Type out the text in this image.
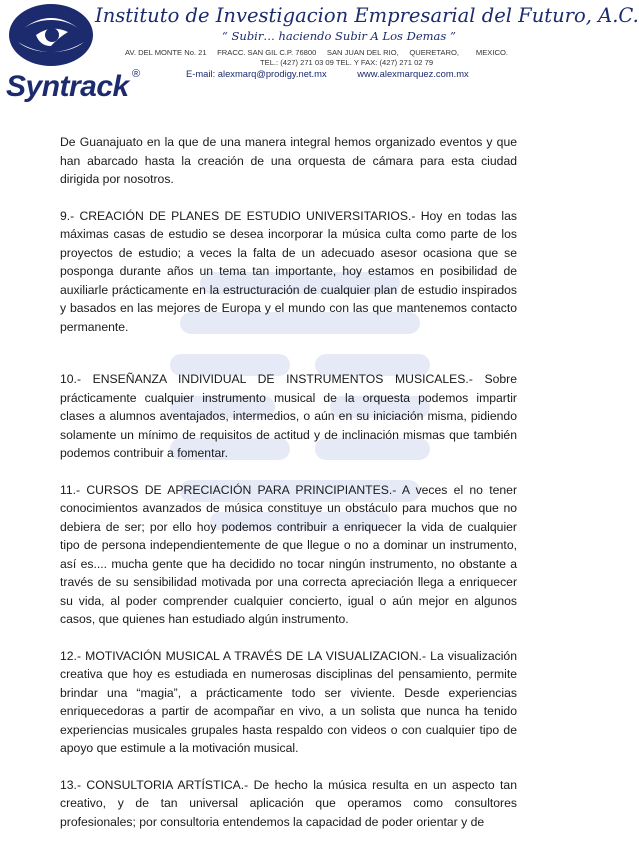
Syntrack ®
Instituto de Investigacion Empresarial del Futuro, A.C.
“ Subir… haciendo Subir A Los Demas ”
AV. DEL MONTE No. 21 FRACC. SAN GIL C.P. 76800 SAN JUAN DEL RIO, QUERETARO, MEXICO.
TEL.: (427) 271 03 09 TEL. Y FAX: (427) 271 02 79
E-mail: alexmarq@prodigy.net.mx	www.alexmarquez.com.mx

De Guanajuato en la que de una manera integral hemos organizado eventos y que han abarcado hasta la creación de una orquesta de cámara para esta ciudad dirigida por nosotros.

9.- CREACIÓN DE PLANES DE ESTUDIO UNIVERSITARIOS.- Hoy en todas las máximas casas de estudio se desea incorporar la música culta como parte de los proyectos de estudio; a veces la falta de un adecuado asesor ocasiona que se posponga durante años un tema tan importante, hoy estamos en posibilidad de auxiliarle prácticamente en la estructuración de cualquier plan de estudio inspirados y basados en las mejores de Europa y el mundo con las que mantenemos contacto permanente.

10.- ENSEÑANZA INDIVIDUAL DE INSTRUMENTOS MUSICALES.- Sobre prácticamente cualquier instrumento musical de la orquesta podemos impartir clases a alumnos aventajados, intermedios, o aún en su iniciación misma, pidiendo solamente un mínimo de requisitos de actitud y de inclinación mismas que también podemos contribuir a fomentar.

11.- CURSOS DE APRECIACIÓN PARA PRINCIPIANTES.- A veces el no tener conocimientos avanzados de música constituye un obstáculo para muchos que no debiera de ser; por ello hoy podemos contribuir a enriquecer la vida de cualquier tipo de persona independientemente de que llegue o no a dominar un instrumento, así es.... mucha gente que ha decidido no tocar ningún instrumento, no obstante a través de su sensibilidad motivada por una correcta apreciación llega a enriquecer su vida, al poder comprender cualquier concierto, igual o aún mejor en algunos casos, que quienes han estudiado algún instrumento.

12.- MOTIVACIÓN MUSICAL A TRAVÉS DE LA VISUALIZACION.- La visualización creativa que hoy es estudiada en numerosas disciplinas del pensamiento, permite brindar una “magia”, a prácticamente todo ser viviente. Desde experiencias enriquecedoras a partir de acompañar en vivo, a un solista que nunca ha tenido experiencias musicales grupales hasta respaldo con videos o con cualquier tipo de apoyo que estimule a la motivación musical.

13.- CONSULTORIA ARTÍSTICA.- De hecho la música resulta en un aspecto tan creativo, y de tan universal aplicación que operamos como consultores profesionales; por consultoria entendemos la capacidad de poder orientar y de
